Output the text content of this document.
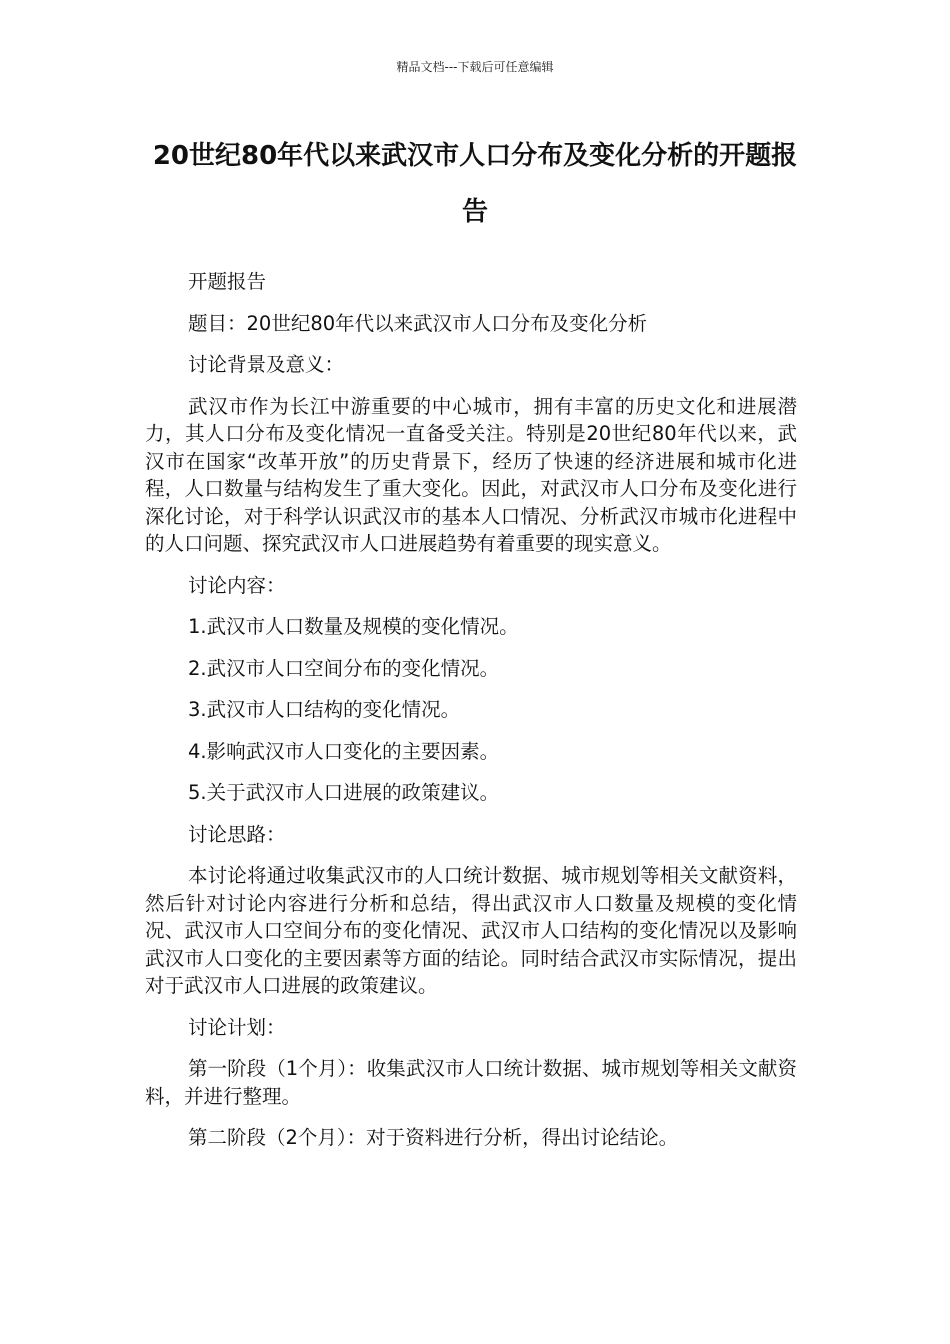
精品文档---下载后可任意编辑
20世纪80年代以来武汉市人口分布及变化分析的开题报告

开题报告

题目：20世纪80年代以来武汉市人口分布及变化分析

讨论背景及意义：

武汉市作为长江中游重要的中心城市，拥有丰富的历史文化和进展潜力，其人口分布及变化情况一直备受关注。特别是20世纪80年代以来，武汉市在国家“改革开放”的历史背景下，经历了快速的经济进展和城市化进程，人口数量与结构发生了重大变化。因此，对武汉市人口分布及变化进行深化讨论，对于科学认识武汉市的基本人口情况、分析武汉市城市化进程中的人口问题、探究武汉市人口进展趋势有着重要的现实意义。

讨论内容：

1.武汉市人口数量及规模的变化情况。

2.武汉市人口空间分布的变化情况。

3.武汉市人口结构的变化情况。

4.影响武汉市人口变化的主要因素。

5.关于武汉市人口进展的政策建议。

讨论思路：

本讨论将通过收集武汉市的人口统计数据、城市规划等相关文献资料，然后针对讨论内容进行分析和总结，得出武汉市人口数量及规模的变化情况、武汉市人口空间分布的变化情况、武汉市人口结构的变化情况以及影响武汉市人口变化的主要因素等方面的结论。同时结合武汉市实际情况，提出对于武汉市人口进展的政策建议。

讨论计划：

第一阶段（1个月）：收集武汉市人口统计数据、城市规划等相关文献资料，并进行整理。

第二阶段（2个月）：对于资料进行分析，得出讨论结论。
